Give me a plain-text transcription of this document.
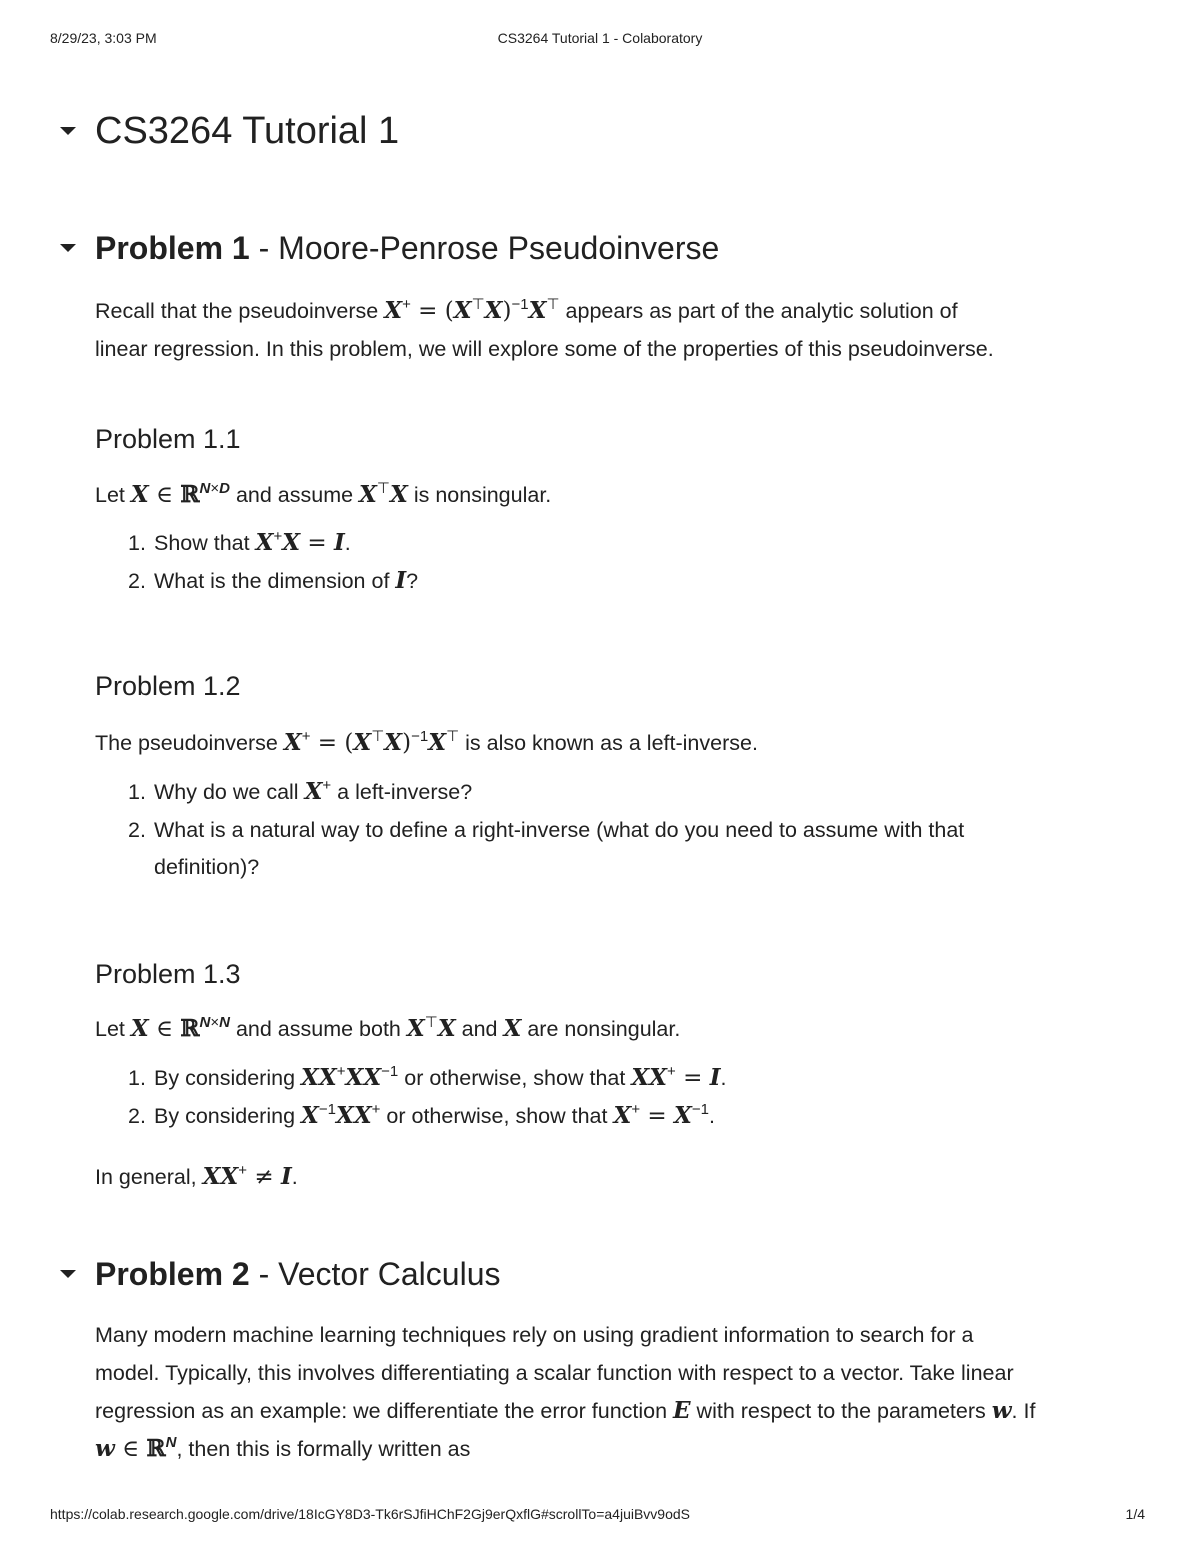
8/29/23, 3:03 PM	CS3264 Tutorial 1 - Colaboratory
CS3264 Tutorial 1
Problem 1 - Moore-Penrose Pseudoinverse
Recall that the pseudoinverse $X^+ = (X^⊤X)^{-1}X^⊤$ appears as part of the analytic solution of
linear regression. In this problem, we will explore some of the properties of this pseudoinverse.
Problem 1.1
Let X ∈ ℝ$^{N\times D}$ and assume X⊤X is nonsingular.
1. Show that X+X = I.
2. What is the dimension of I?
Problem 1.2
The pseudoinverse $X^+ = (X^⊤X)^{-1}X^⊤$ is also known as a left-inverse.
1. Why do we call X+ a left-inverse?
2. What is a natural way to define a right-inverse (what do you need to assume with that
definition)?
Problem 1.3
Let X ∈ ℝ$^{N\times N}$ and assume both X⊤X and X are nonsingular.
1. By considering $XX^+XX^{-1}$ or otherwise, show that XX+ = I.
2. By considering $X^{-1}XX^+$ or otherwise, show that $X^+ = X^{-1}$.
In general, XX+ ≠ I.
Problem 2 - Vector Calculus
Many modern machine learning techniques rely on using gradient information to search for a
model. Typically, this involves differentiating a scalar function with respect to a vector. Take linear
regression as an example: we differentiate the error function E with respect to the parameters w. If
w ∈ ℝ$^N$, then this is formally written as
https://colab.research.google.com/drive/18IcGY8D3-Tk6rSJfiHChF2Gj9erQxflG#scrollTo=a4juiBvv9odS	1/4
